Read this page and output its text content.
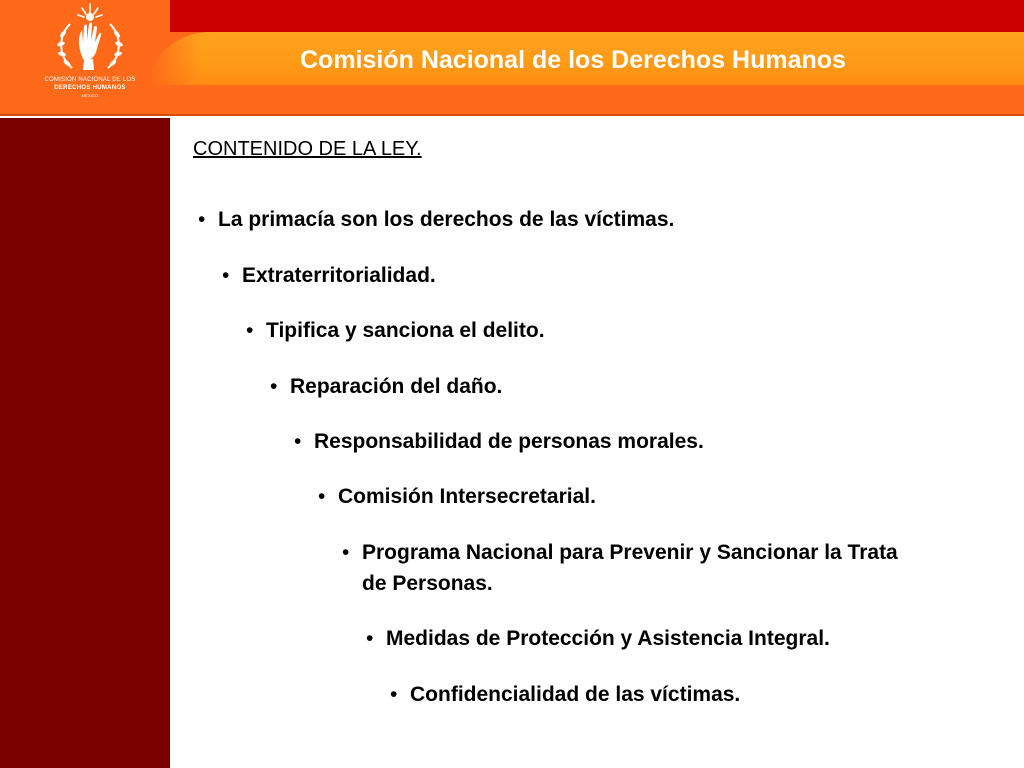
Comisión Nacional de los Derechos Humanos
COMISIÓN NACIONAL DE LOS
DERECHOS HUMANOS
MÉXICO
CONTENIDO DE LA LEY.
• La primacía son los derechos de las víctimas.
• Extraterritorialidad.
• Tipifica y sanciona el delito.
• Reparación del daño.
• Responsabilidad de personas morales.
• Comisión Intersecretarial.
• Programa Nacional para Prevenir y Sancionar la Trata de Personas.
• Medidas de Protección y Asistencia Integral.
• Confidencialidad de las víctimas.
